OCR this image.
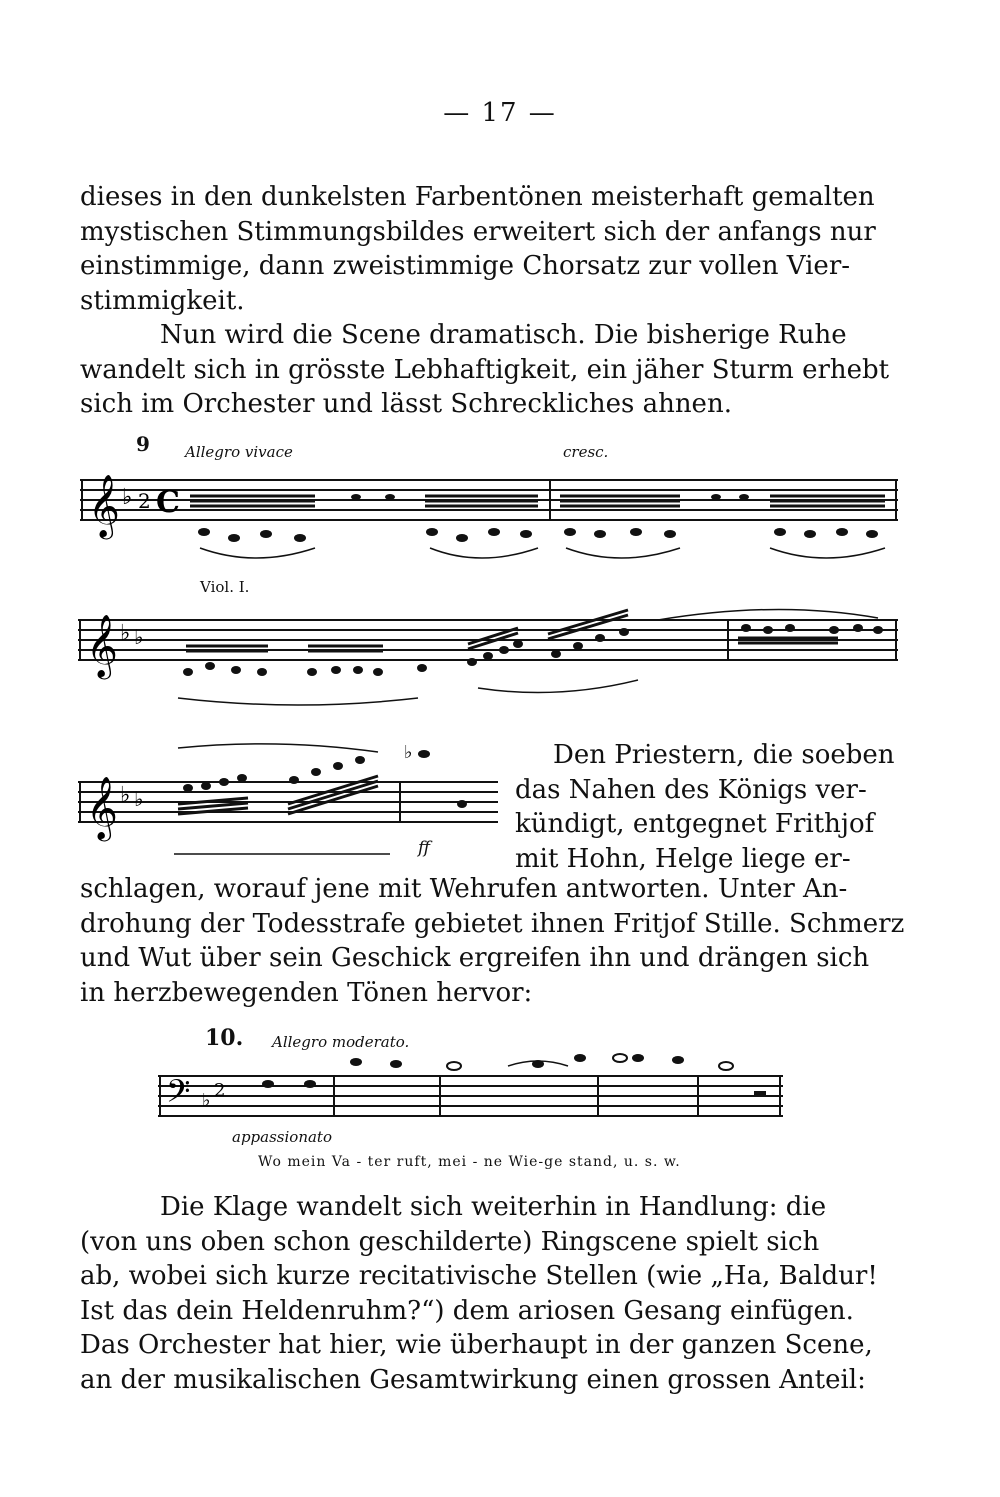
— 17 —
dieses in den dunkelsten Farbentönen meisterhaft gemalten
mystischen Stimmungsbildes erweitert sich der anfangs nur
einstimmige, dann zweistimmige Chorsatz zur vollen Vier-
stimmigkeit.
Nun wird die Scene dramatisch. Die bisherige Ruhe
wandelt sich in grösste Lebhaftigkeit, ein jäher Sturm erhebt
sich im Orchester und lässt Schreckliches ahnen.
9 Allegro vivace	cresc.
𝄞 ♭ 2 C
Viol. I.
𝄞 ♭ ♭
𝄞 ♭ ♭
♭
ff
Den Priestern, die soeben
das Nahen des Königs ver-
kündigt, entgegnet Frithjof
mit Hohn, Helge liege er-
schlagen, worauf jene mit Wehrufen antworten. Unter An-
drohung der Todesstrafe gebietet ihnen Fritjof Stille. Schmerz
und Wut über sein Geschick ergreifen ihn und drängen sich
in herzbewegenden Tönen hervor:
10. Allegro moderato.
𝄢 ♭ 2
appassionato
Wo mein Va - ter ruft, mei - ne Wie-ge stand, u. s. w.
Die Klage wandelt sich weiterhin in Handlung: die
(von uns oben schon geschilderte) Ringscene spielt sich
ab, wobei sich kurze recitativische Stellen (wie „Ha, Baldur!
Ist das dein Heldenruhm?“) dem ariosen Gesang einfügen.
Das Orchester hat hier, wie überhaupt in der ganzen Scene,
an der musikalischen Gesamtwirkung einen grossen Anteil:
